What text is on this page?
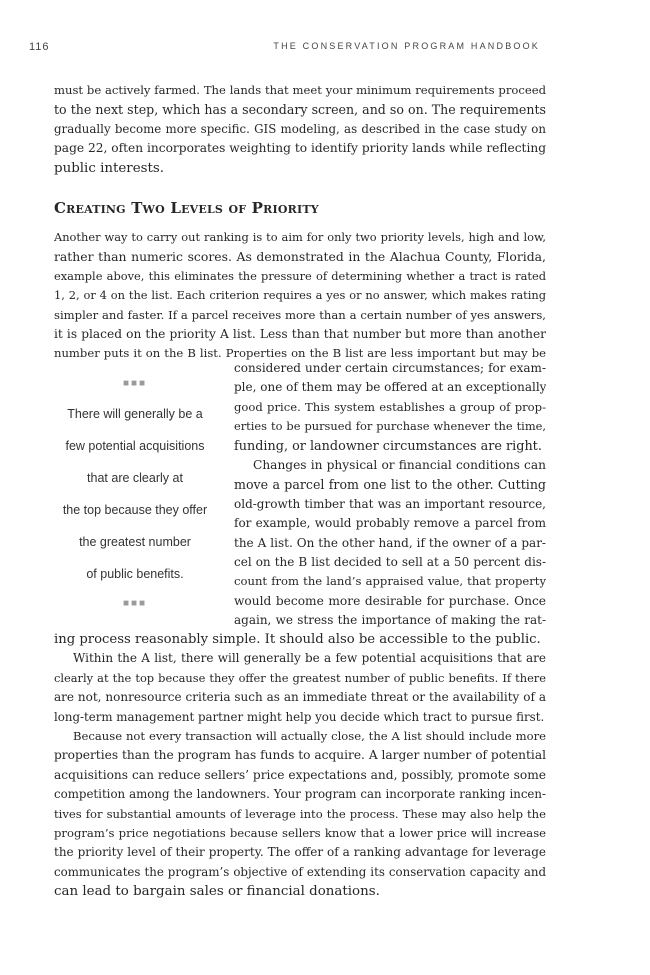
116	THE CONSERVATION PROGRAM HANDBOOK
must be actively farmed. The lands that meet your minimum requirements proceed
to the next step, which has a secondary screen, and so on. The requirements
gradually become more specific. GIS modeling, as described in the case study on
page 22, often incorporates weighting to identify priority lands while reflecting
public interests.
Creating Two Levels of Priority
Another way to carry out ranking is to aim for only two priority levels, high and low,
rather than numeric scores. As demonstrated in the Alachua County, Florida,
example above, this eliminates the pressure of determining whether a tract is rated
1, 2, or 4 on the list. Each criterion requires a yes or no answer, which makes rating
simpler and faster. If a parcel receives more than a certain number of yes answers,
it is placed on the priority A list. Less than that number but more than another
number puts it on the B list. Properties on the B list are less important but may be
■■■
There will generally be a
few potential acquisitions
that are clearly at
the top because they offer
the greatest number
of public benefits.
■■■
considered under certain circumstances; for exam-
ple, one of them may be offered at an exceptionally
good price. This system establishes a group of prop-
erties to be pursued for purchase whenever the time,
funding, or landowner circumstances are right.
Changes in physical or financial conditions can
move a parcel from one list to the other. Cutting
old-growth timber that was an important resource,
for example, would probably remove a parcel from
the A list. On the other hand, if the owner of a par-
cel on the B list decided to sell at a 50 percent dis-
count from the land’s appraised value, that property
would become more desirable for purchase. Once
again, we stress the importance of making the rat-
ing process reasonably simple. It should also be accessible to the public.
Within the A list, there will generally be a few potential acquisitions that are
clearly at the top because they offer the greatest number of public benefits. If there
are not, nonresource criteria such as an immediate threat or the availability of a
long-term management partner might help you decide which tract to pursue first.
Because not every transaction will actually close, the A list should include more
properties than the program has funds to acquire. A larger number of potential
acquisitions can reduce sellers’ price expectations and, possibly, promote some
competition among the landowners. Your program can incorporate ranking incen-
tives for substantial amounts of leverage into the process. These may also help the
program’s price negotiations because sellers know that a lower price will increase
the priority level of their property. The offer of a ranking advantage for leverage
communicates the program’s objective of extending its conservation capacity and
can lead to bargain sales or financial donations.
